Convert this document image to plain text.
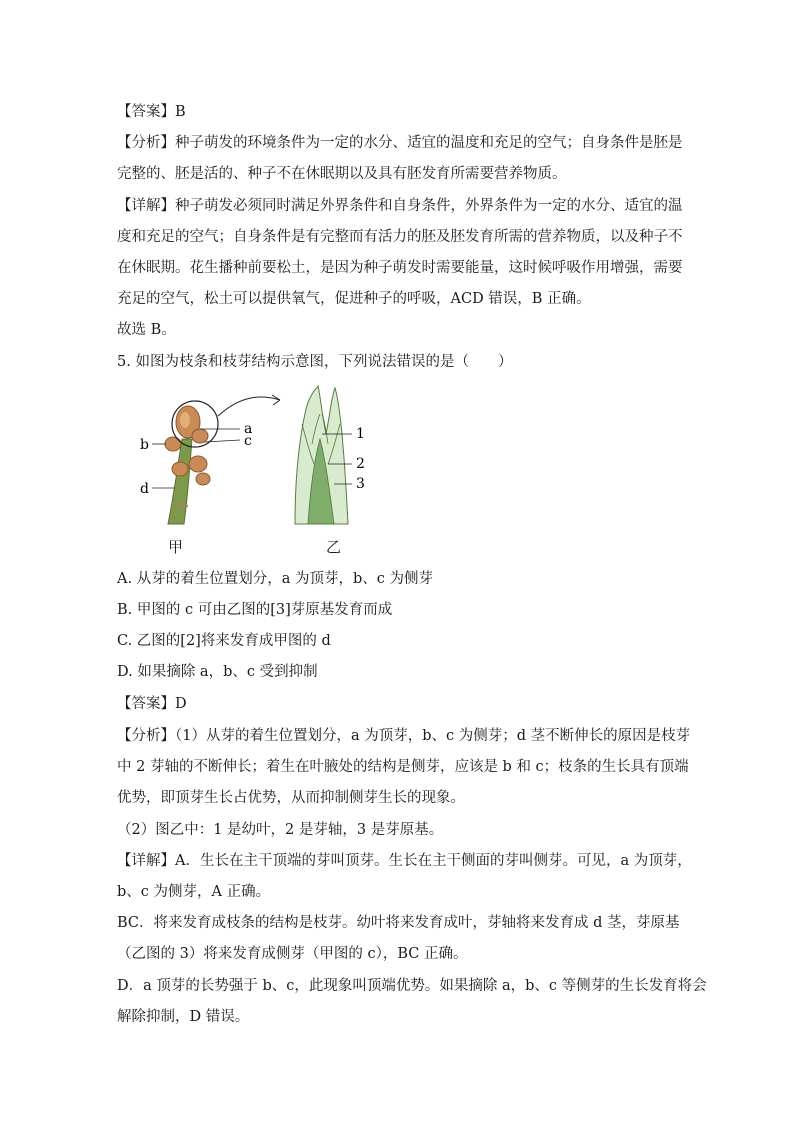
【答案】B
【分析】种子萌发的环境条件为一定的水分、适宜的温度和充足的空气；自身条件是胚是
完整的、胚是活的、种子不在休眠期以及具有胚发育所需要营养物质。
【详解】种子萌发必须同时满足外界条件和自身条件，外界条件为一定的水分、适宜的温
度和充足的空气；自身条件是有完整而有活力的胚及胚发育所需的营养物质，以及种子不
在休眠期。花生播种前要松土，是因为种子萌发时需要能量，这时候呼吸作用增强，需要
充足的空气，松土可以提供氧气，促进种子的呼吸，ACD 错误，B 正确。
故选 B。
5. 如图为枝条和枝芽结构示意图，下列说法错误的是（　　）
a
c
b
d
1
2
3
甲	乙
A. 从芽的着生位置划分，a 为顶芽，b、c 为侧芽
B. 甲图的 c 可由乙图的[3]芽原基发育而成
C. 乙图的[2]将来发育成甲图的 d
D. 如果摘除 a，b、c 受到抑制
【答案】D
【分析】（1）从芽的着生位置划分，a 为顶芽，b、c 为侧芽；d 茎不断伸长的原因是枝芽
中 2 芽轴的不断伸长；着生在叶腋处的结构是侧芽，应该是 b 和 c；枝条的生长具有顶端
优势，即顶芽生长占优势，从而抑制侧芽生长的现象。
（2）图乙中：1 是幼叶，2 是芽轴，3 是芽原基。
【详解】A．生长在主干顶端的芽叫顶芽。生长在主干侧面的芽叫侧芽。可见，a 为顶芽，
b、c 为侧芽，A 正确。
BC．将来发育成枝条的结构是枝芽。幼叶将来发育成叶，芽轴将来发育成 d 茎，芽原基
（乙图的 3）将来发育成侧芽（甲图的 c），BC 正确。
D．a 顶芽的长势强于 b、c，此现象叫顶端优势。如果摘除 a，b、c 等侧芽的生长发育将会
解除抑制，D 错误。
